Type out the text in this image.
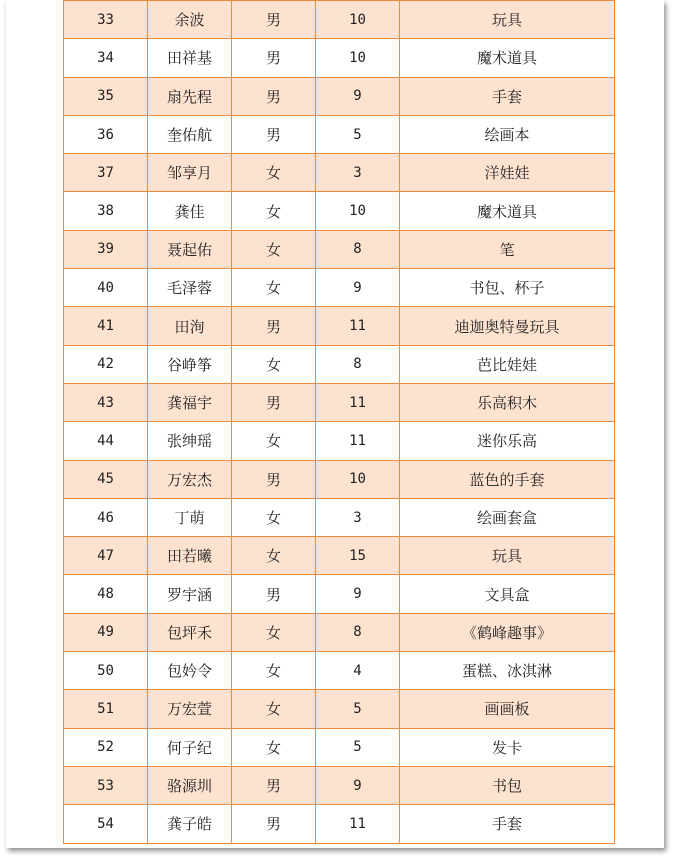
33	余波	男	10	玩具
34	田祥基	男	10	魔术道具
35	扇先程	男	9	手套
36	奎佑航	男	5	绘画本
37	邹享月	女	3	洋娃娃
38	龚佳	女	10	魔术道具
39	聂起佑	女	8	笔
40	毛泽蓉	女	9	书包、杯子
41	田洵	男	11	迪迦奥特曼玩具
42	谷峥筝	女	8	芭比娃娃
43	龚福宇	男	11	乐高积木
44	张绅瑶	女	11	迷你乐高
45	万宏杰	男	10	蓝色的手套
46	丁萌	女	3	绘画套盒
47	田若曦	女	15	玩具
48	罗宇涵	男	9	文具盒
49	包坪禾	女	8	《鹤峰趣事》
50	包妗令	女	4	蛋糕、冰淇淋
51	万宏萱	女	5	画画板
52	何子纪	女	5	发卡
53	骆源圳	男	9	书包
54	龚子皓	男	11	手套
